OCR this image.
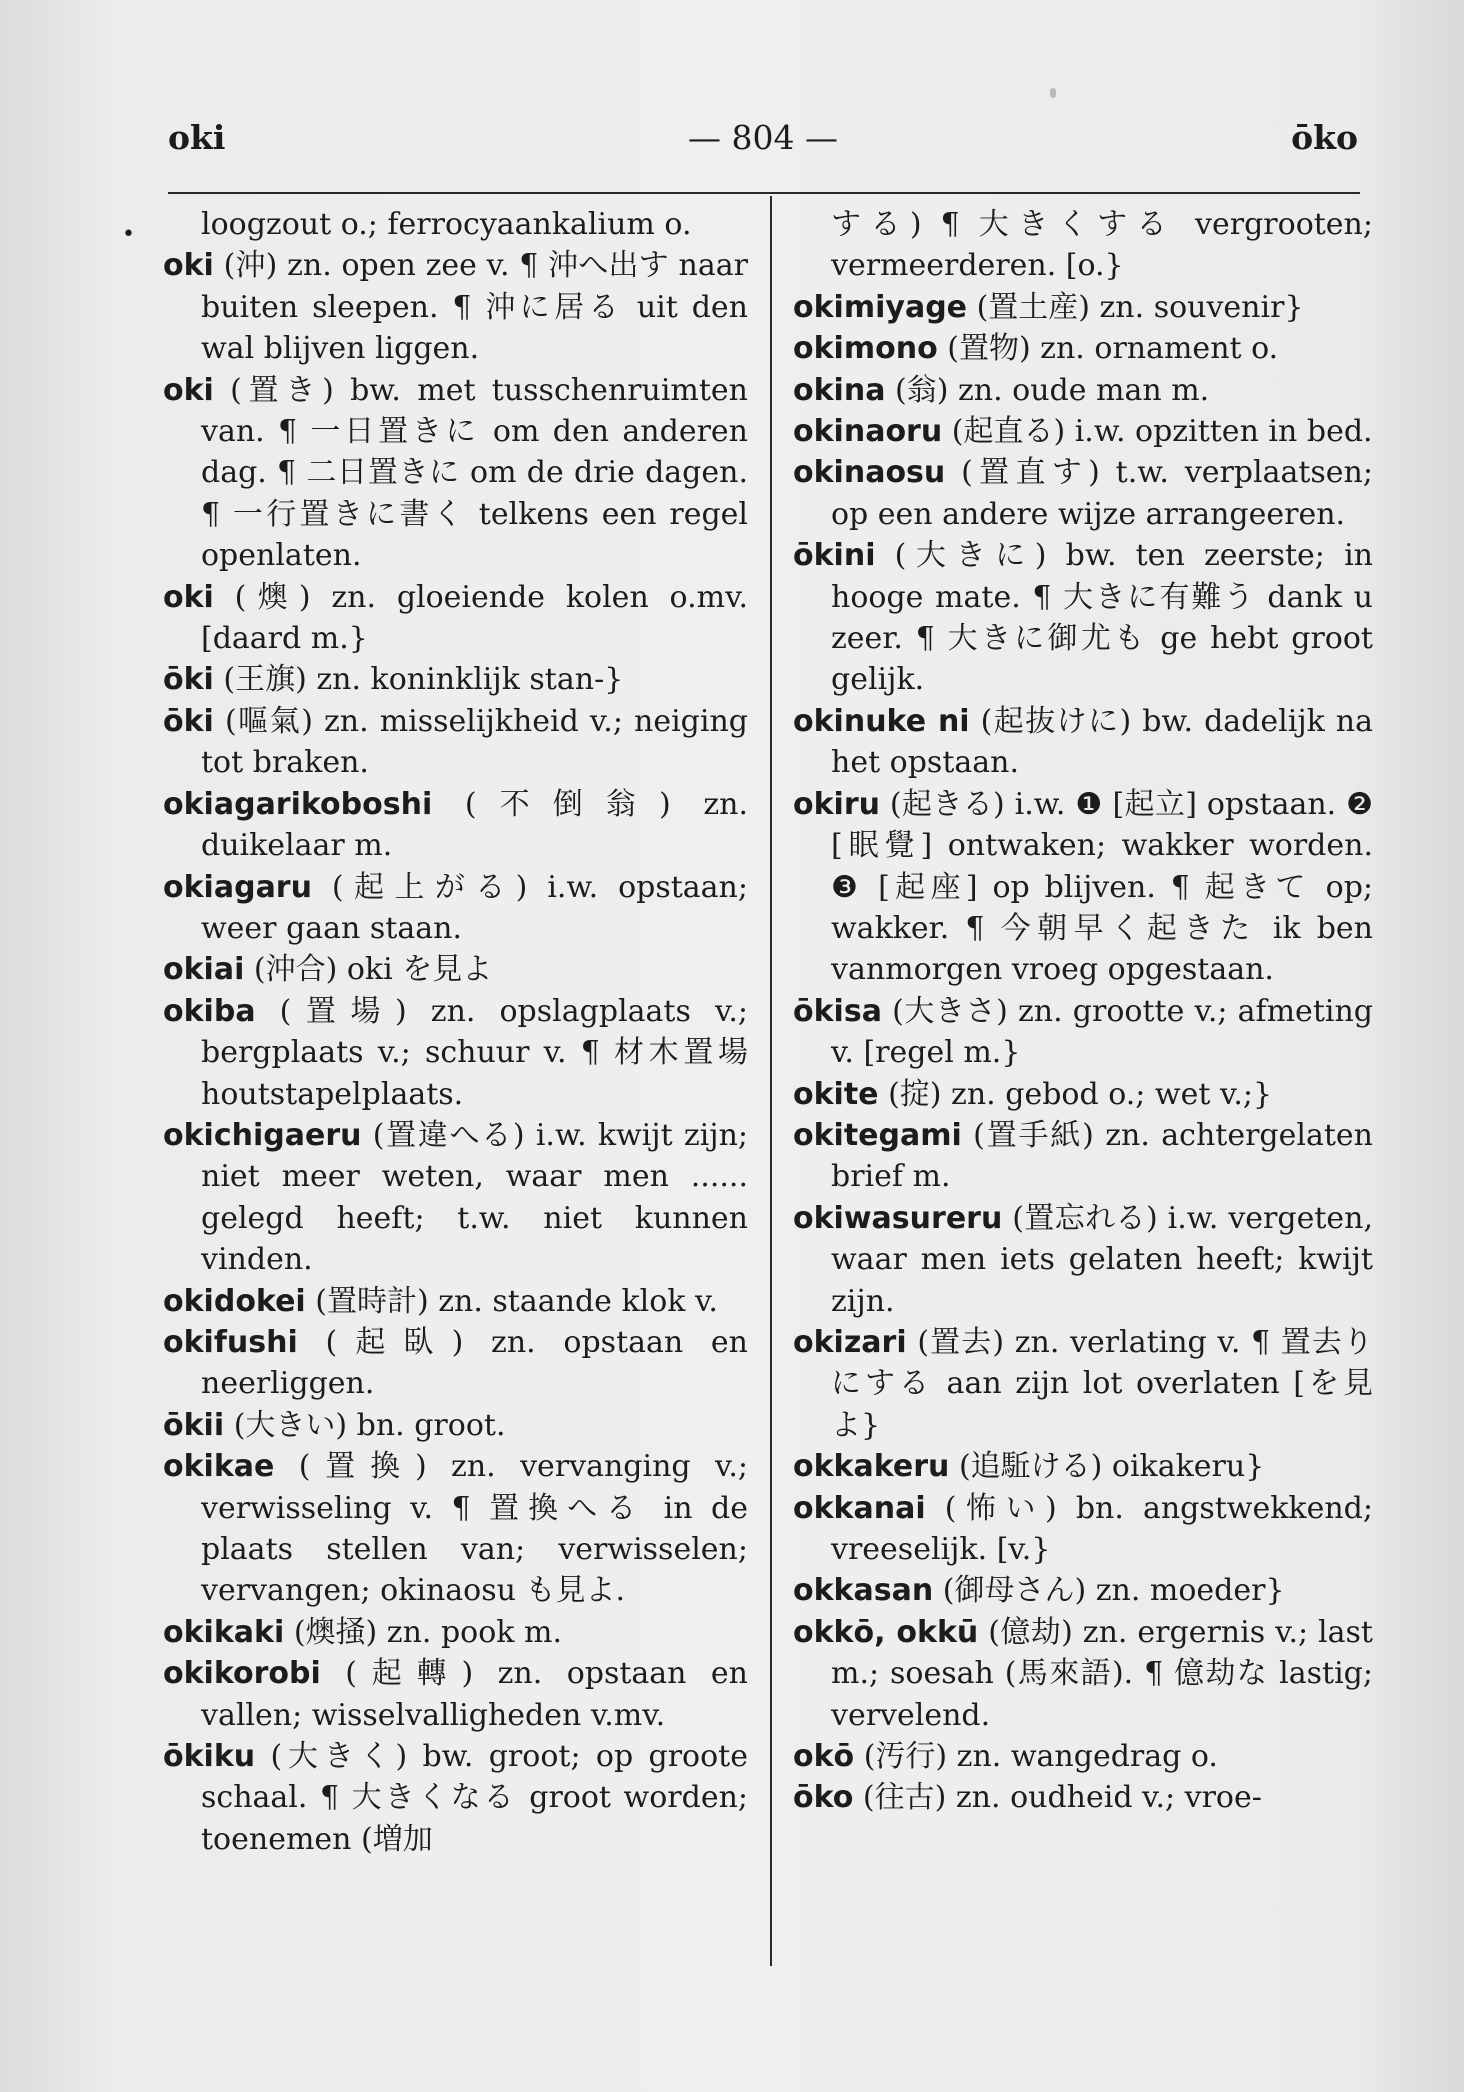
— 804 —
oki	ōko
•	loogzout o.; ferrocyaankalium o.

oki (沖) zn. open zee v. ¶ 沖へ出す naar buiten sleepen. ¶ 沖に居る uit den wal blijven liggen.

oki (置き) bw. met tusschenruimten van. ¶ 一日置きに om den anderen dag. ¶ 二日置きに om de drie dagen. ¶ 一行置きに書く telkens een regel openlaten.

oki (燠) zn. gloeiende kolen o.mv. [daard m.}

ōki (王旗) zn. koninklijk stan-}

ōki (嘔氣) zn. misselijkheid v.; neiging tot braken.

okiagarikoboshi (不倒翁) zn. duikelaar m.

okiagaru (起上がる) i.w. opstaan; weer gaan staan.

okiai (沖合) oki を見よ

okiba (置場) zn. opslagplaats v.; bergplaats v.; schuur v. ¶ 材木置場 houtstapelplaats.

okichigaeru (置違へる) i.w. kwijt zijn; niet meer weten, waar men ...... gelegd heeft; t.w. niet kunnen vinden.

okidokei (置時計) zn. staande klok v.

okifushi (起臥) zn. opstaan en neerliggen.

ōkii (大きい) bn. groot.

okikae (置換) zn. vervanging v.; verwisseling v. ¶ 置換へる in de plaats stellen van; verwisselen; vervangen; okinaosu も見よ.

okikaki (燠掻) zn. pook m.

okikorobi (起轉) zn. opstaan en vallen; wisselvalligheden v.mv.

ōkiku (大きく) bw. groot; op groote schaal. ¶ 大きくなる groot worden; toenemen (増加

する) ¶ 大きくする vergrooten; vermeerderen. [o.}

okimiyage (置土産) zn. souvenir}

okimono (置物) zn. ornament o.

okina (翁) zn. oude man m.

okinaoru (起直る) i.w. opzitten in bed.

okinaosu (置直す) t.w. verplaatsen; op een andere wijze arrangeeren.

ōkini (大きに) bw. ten zeerste; in hooge mate. ¶ 大きに有難う dank u zeer. ¶ 大きに御尤も ge hebt groot gelijk.

okinuke ni (起抜けに) bw. dadelijk na het opstaan.

okiru (起きる) i.w. ❶ [起立] opstaan. ❷ [眠覺] ontwaken; wakker worden. ❸ [起座] op blijven. ¶ 起きて op; wakker. ¶ 今朝早く起きた ik ben vanmorgen vroeg opgestaan.

ōkisa (大きさ) zn. grootte v.; afmeting v. [regel m.}

okite (掟) zn. gebod o.; wet v.;}

okitegami (置手紙) zn. achtergelaten brief m.

okiwasureru (置忘れる) i.w. vergeten, waar men iets gelaten heeft; kwijt zijn.

okizari (置去) zn. verlating v. ¶ 置去りにする aan zijn lot overlaten [を見よ}

okkakeru (追駈ける) oikakeru}

okkanai (怖い) bn. angstwekkend; vreeselijk. [v.}

okkasan (御母さん) zn. moeder}

okkō, okkū (億劫) zn. ergernis v.; last m.; soesah (馬來語). ¶ 億劫な lastig; vervelend.

okō (汚行) zn. wangedrag o.

ōko (往古) zn. oudheid v.; vroe-
